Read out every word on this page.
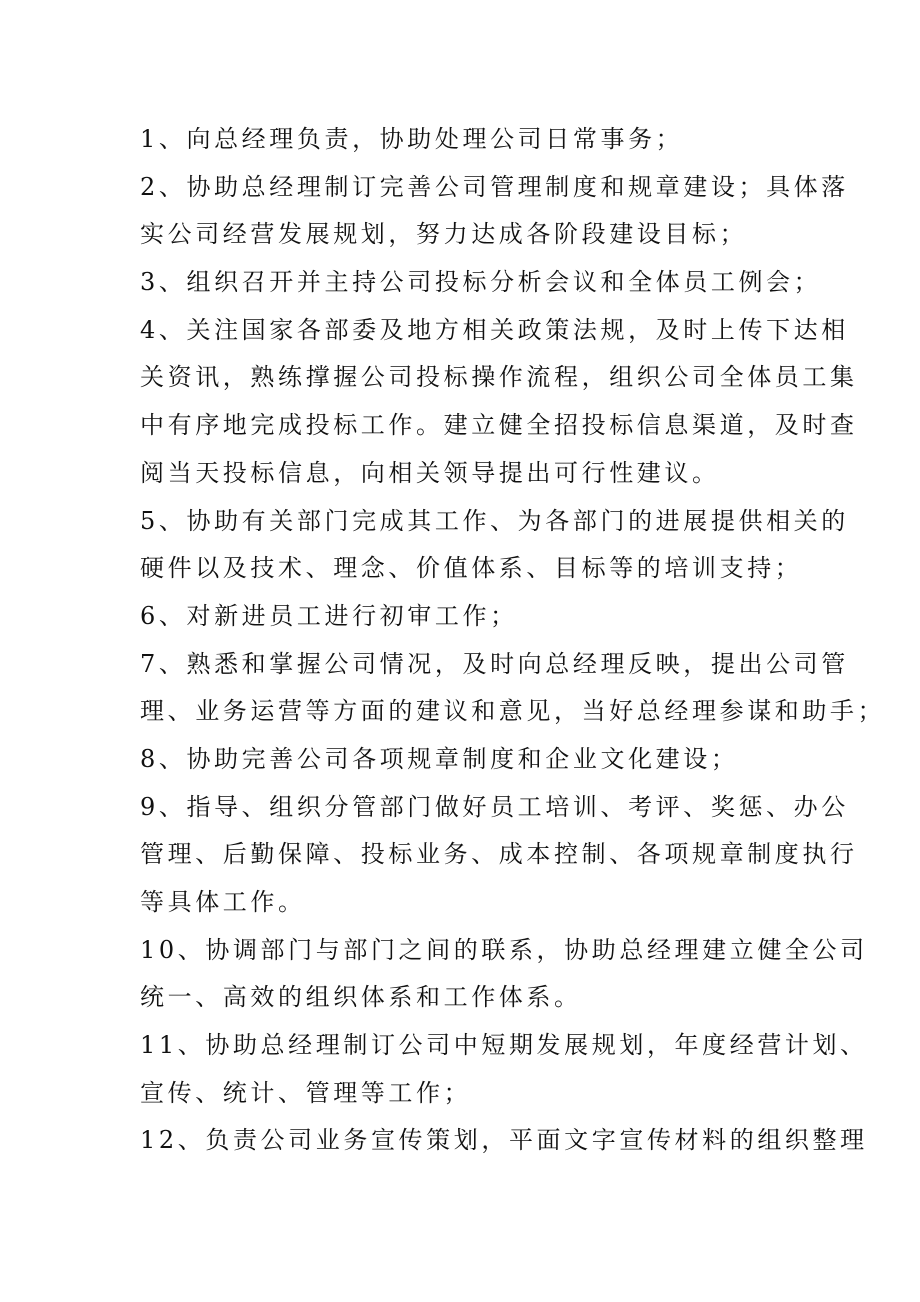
1、向总经理负责，协助处理公司日常事务；
2、协助总经理制订完善公司管理制度和规章建设；具体落
实公司经营发展规划，努力达成各阶段建设目标；
3、组织召开并主持公司投标分析会议和全体员工例会；
4、关注国家各部委及地方相关政策法规，及时上传下达相
关资讯，熟练撑握公司投标操作流程，组织公司全体员工集
中有序地完成投标工作。建立健全招投标信息渠道，及时查
阅当天投标信息，向相关领导提出可行性建议。
5、协助有关部门完成其工作、为各部门的进展提供相关的
硬件以及技术、理念、价值体系、目标等的培训支持；
6、对新进员工进行初审工作；
7、熟悉和掌握公司情况，及时向总经理反映，提出公司管
理、业务运营等方面的建议和意见，当好总经理参谋和助手；
8、协助完善公司各项规章制度和企业文化建设；
9、指导、组织分管部门做好员工培训、考评、奖惩、办公
管理、后勤保障、投标业务、成本控制、各项规章制度执行
等具体工作。
10、协调部门与部门之间的联系，协助总经理建立健全公司
统一、高效的组织体系和工作体系。
11、协助总经理制订公司中短期发展规划，年度经营计划、
宣传、统计、管理等工作；
12、负责公司业务宣传策划，平面文字宣传材料的组织整理
